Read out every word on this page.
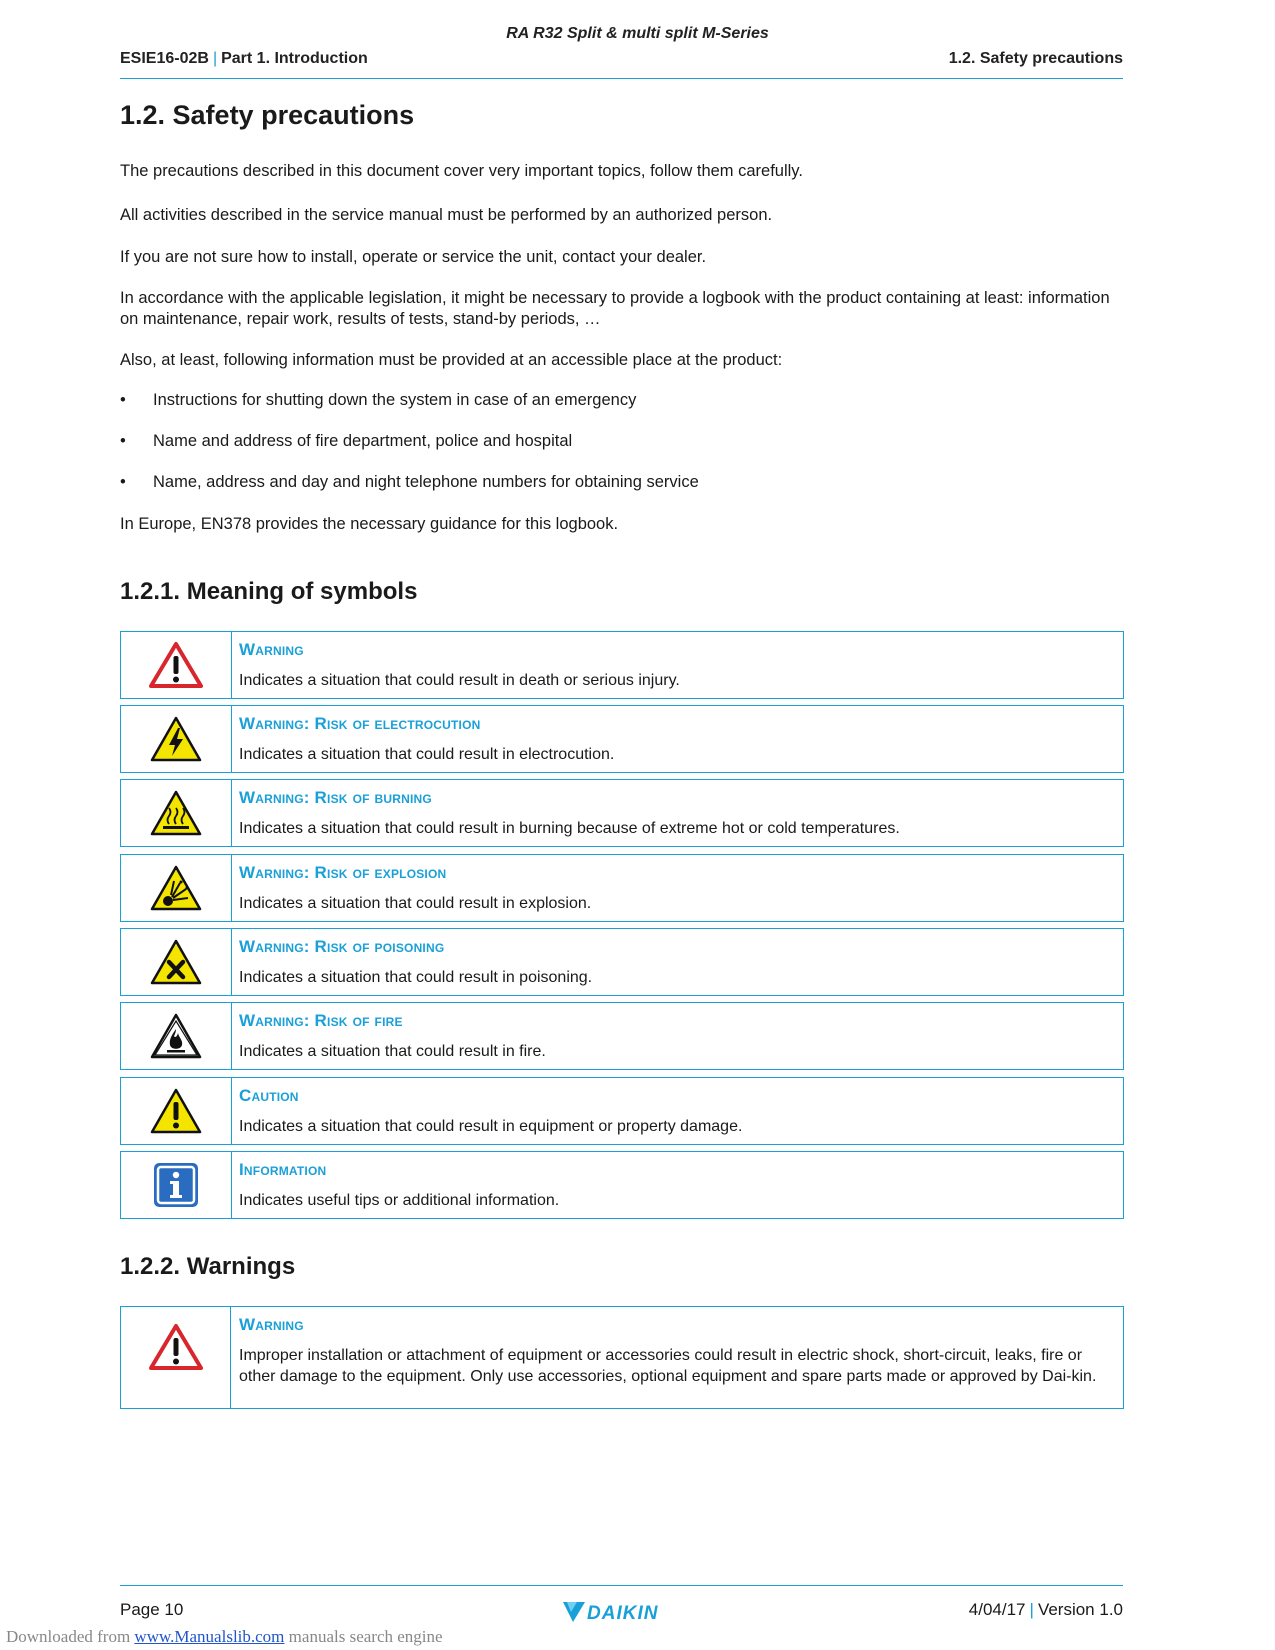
RA R32 Split & multi split M-Series
ESIE16-02B | Part 1. Introduction	1.2. Safety precautions
1.2. Safety precautions
The precautions described in this document cover very important topics, follow them carefully.
All activities described in the service manual must be performed by an authorized person.
If you are not sure how to install, operate or service the unit, contact your dealer.
In accordance with the applicable legislation, it might be necessary to provide a logbook with the product containing at least: information on maintenance, repair work, results of tests, stand-by periods, …
Also, at least, following information must be provided at an accessible place at the product:
• Instructions for shutting down the system in case of an emergency
• Name and address of fire department, police and hospital
• Name, address and day and night telephone numbers for obtaining service
In Europe, EN378 provides the necessary guidance for this logbook.
1.2.1. Meaning of symbols
Warning
Indicates a situation that could result in death or serious injury.
Warning: Risk of electrocution
Indicates a situation that could result in electrocution.
Warning: Risk of burning
Indicates a situation that could result in burning because of extreme hot or cold temperatures.
Warning: Risk of explosion
Indicates a situation that could result in explosion.
Warning: Risk of poisoning
Indicates a situation that could result in poisoning.
Warning: Risk of fire
Indicates a situation that could result in fire.
Caution
Indicates a situation that could result in equipment or property damage.
Information
Indicates useful tips or additional information.
1.2.2. Warnings
Warning
Improper installation or attachment of equipment or accessories could result in electric shock, short-circuit, leaks, fire or other damage to the equipment. Only use accessories, optional equipment and spare parts made or approved by Dai-kin.
Page 10	DAIKIN	4/04/17 | Version 1.0
Downloaded from www.Manualslib.com manuals search engine
